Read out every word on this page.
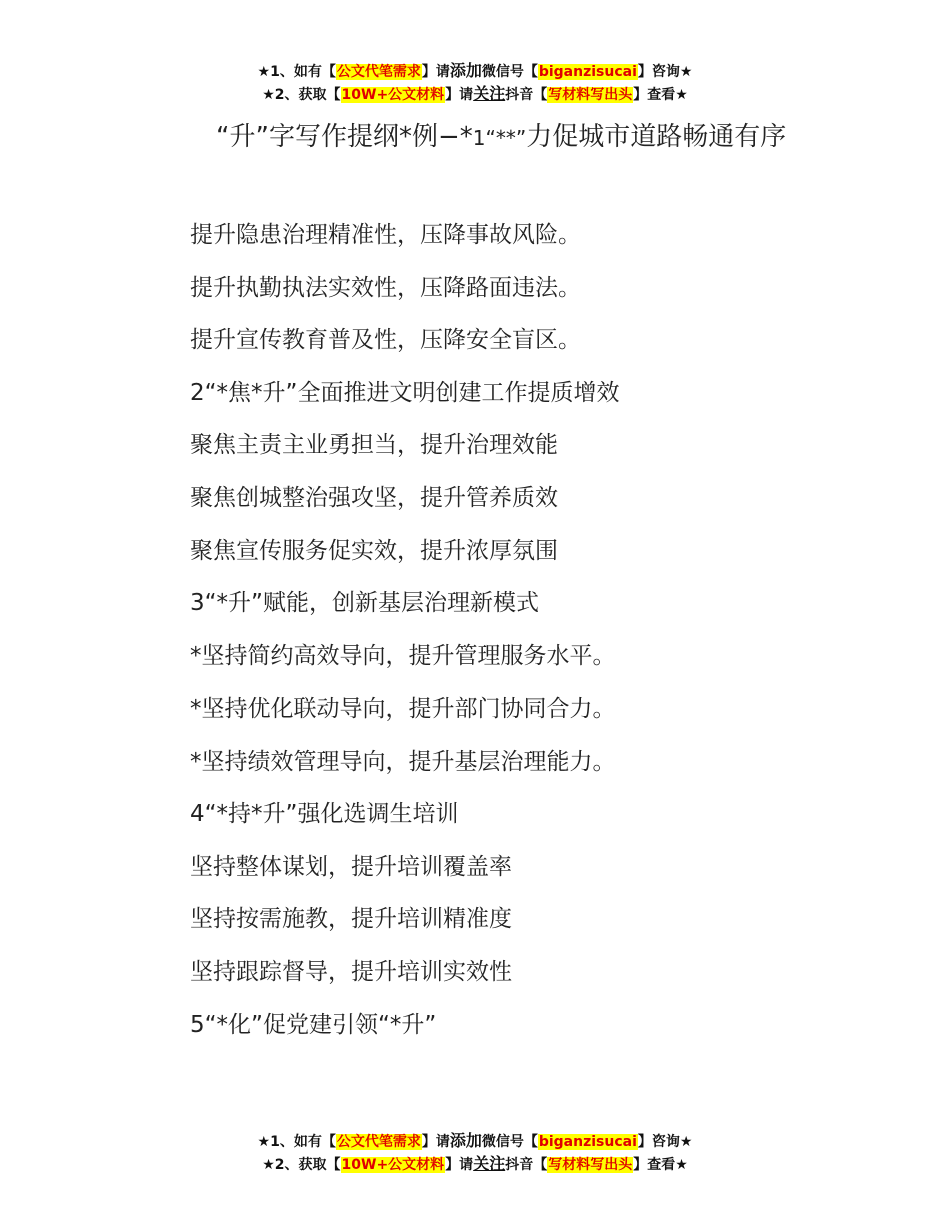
★1、如有【公文代笔需求】请添加微信号【biganzisucai】咨询★
★2、获取【10W+公文材料】请关注抖音【写材料写出头】查看★
“升”字写作提纲*例−*1“**”力促城市道路畅通有序
提升隐患治理精准性，压降事故风险。
提升执勤执法实效性，压降路面违法。
提升宣传教育普及性，压降安全盲区。
2“*焦*升”全面推进文明创建工作提质增效
聚焦主责主业勇担当，提升治理效能
聚焦创城整治强攻坚，提升管养质效
聚焦宣传服务促实效，提升浓厚氛围
3“*升”赋能，创新基层治理新模式
*坚持简约高效导向，提升管理服务水平。
*坚持优化联动导向，提升部门协同合力。
*坚持绩效管理导向，提升基层治理能力。
4“*持*升”强化选调生培训
坚持整体谋划，提升培训覆盖率
坚持按需施教，提升培训精准度
坚持跟踪督导，提升培训实效性
5“*化”促党建引领“*升”
★1、如有【公文代笔需求】请添加微信号【biganzisucai】咨询★
★2、获取【10W+公文材料】请关注抖音【写材料写出头】查看★
